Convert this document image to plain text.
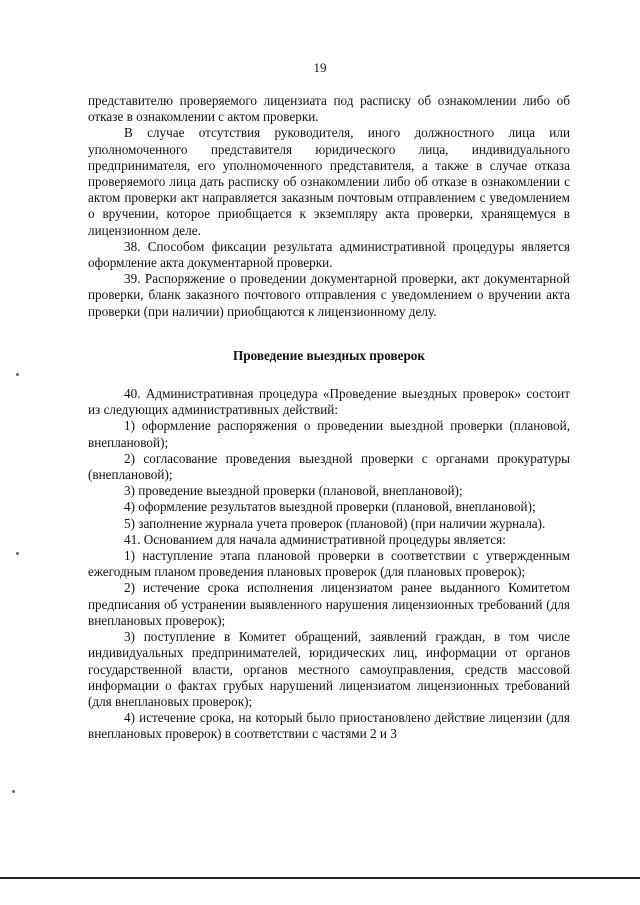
19

представителю проверяемого лицензиата под расписку об ознакомлении либо об отказе в ознакомлении с актом проверки.

В случае отсутствия руководителя, иного должностного лица или уполномоченного представителя юридического лица, индивидуального предпринимателя, его уполномоченного представителя, а также в случае отказа проверяемого лица дать расписку об ознакомлении либо об отказе в ознакомлении с актом проверки акт направляется заказным почтовым отправлением с уведомлением о вручении, которое приобщается к экземпляру акта проверки, хранящемуся в лицензионном деле.

38. Способом фиксации результата административной процедуры является оформление акта документарной проверки.

39. Распоряжение о проведении документарной проверки, акт документарной проверки, бланк заказного почтового отправления с уведомлением о вручении акта проверки (при наличии) приобщаются к лицензионному делу.

Проведение выездных проверок

40. Административная процедура «Проведение выездных проверок» состоит из следующих административных действий:

1) оформление распоряжения о проведении выездной проверки (плановой, внеплановой);

2) согласование проведения выездной проверки с органами прокуратуры (внеплановой);

3) проведение выездной проверки (плановой, внеплановой);

4) оформление результатов выездной проверки (плановой, внеплановой);

5) заполнение журнала учета проверок (плановой) (при наличии журнала).

41. Основанием для начала административной процедуры является:

1) наступление этапа плановой проверки в соответствии с утвержденным ежегодным планом проведения плановых проверок (для плановых проверок);

2) истечение срока исполнения лицензиатом ранее выданного Комитетом предписания об устранении выявленного нарушения лицензионных требований (для внеплановых проверок);

3) поступление в Комитет обращений, заявлений граждан, в том числе индивидуальных предпринимателей, юридических лиц, информации от органов государственной власти, органов местного самоуправления, средств массовой информации о фактах грубых нарушений лицензиатом лицензионных требований (для внеплановых проверок);

4) истечение срока, на который было приостановлено действие лицензии (для внеплановых проверок) в соответствии с частями 2 и 3
